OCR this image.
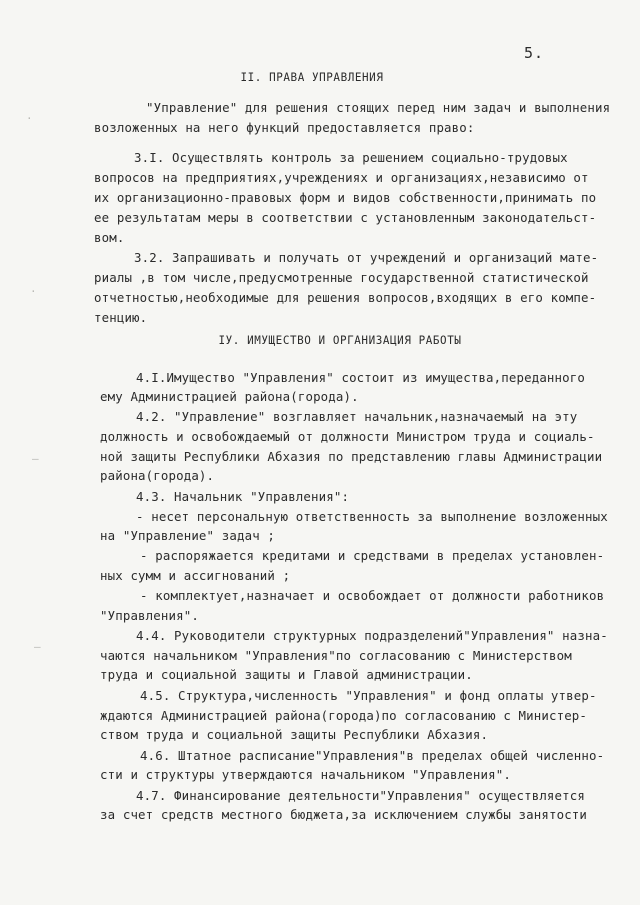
5.
ІІ. ПРАВА УПРАВЛЕНИЯ
"Управление" для решения стоящих перед ним задач и выполнения
возложенных на него функций предоставляется право:
3.I. Осуществлять контроль за решением социально-трудовых
вопросов на предприятиях,учреждениях и организациях,независимо от
их организационно-правовых форм и видов собственности,принимать по
ее результатам меры в соответствии с установленным законодательст-
вом.
3.2. Запрашивать и получать от учреждений и организаций мате-
риалы ,в том числе,предусмотренные государственной статистической
отчетностью,необходимые для решения вопросов,входящих в его компе-
тенцию.
IУ. ИМУЩЕСТВО И ОРГАНИЗАЦИЯ РАБОТЫ
4.I.Имущество "Управления" состоит из имущества,переданного
ему Администрацией района(города).
4.2. "Управление" возглавляет начальник,назначаемый на эту
должность и освобождаемый от должности Министром труда и социаль-
ной защиты Республики Абхазия по представлению главы Администрации
района(города).
4.3. Начальник "Управления":
- несет персональную ответственность за выполнение возложенных
на "Управление" задач ;
- распоряжается кредитами и средствами в пределах установлен-
ных сумм и ассигнований ;
- комплектует,назначает и освобождает от должности работников
"Управления".
4.4. Руководители структурных подразделений"Управления" назна-
чаются начальником "Управления"по согласованию с Министерством
труда и социальной защиты и Главой администрации.
4.5. Структура,численность "Управления" и фонд оплаты утвер-
ждаются Администрацией района(города)по согласованию с Министер-
ством труда и социальной защиты Республики Абхазия.
4.6. Штатное расписание"Управления"в пределах общей численно-
сти и структуры утверждаются начальником "Управления".
4.7. Финансирование деятельности"Управления" осуществляется
за счет средств местного бюджета,за исключением службы занятости
⋅
⋅
–
–
